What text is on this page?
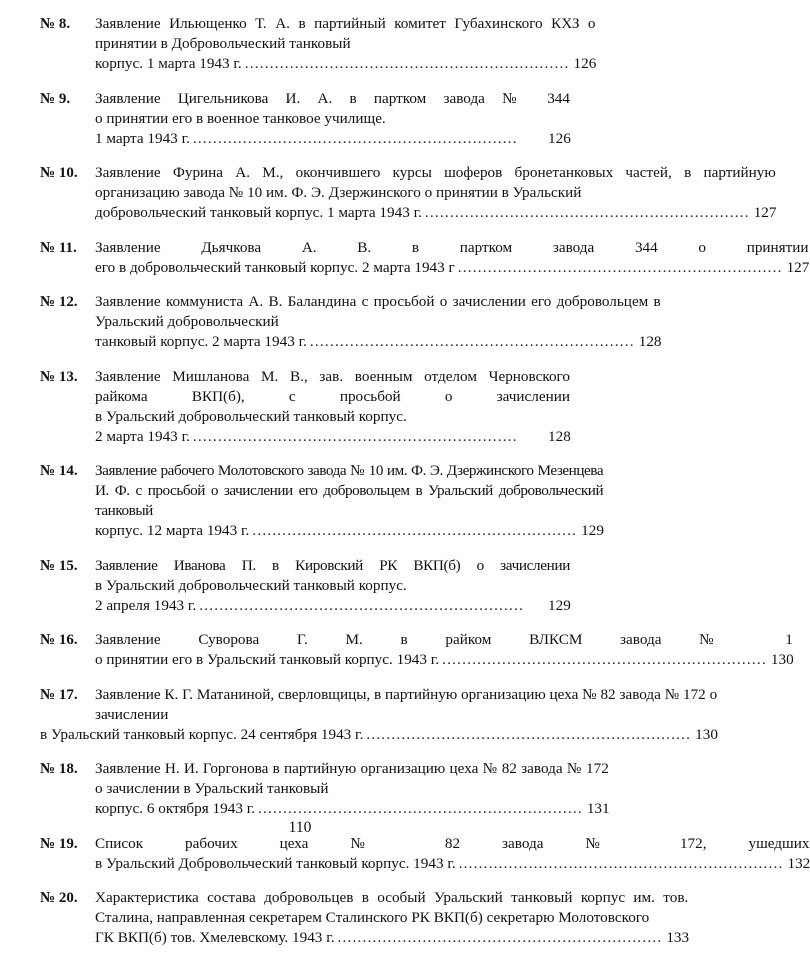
№ 8.	Заявление Ильющенко Т. А. в партийный комитет Губахинского КХЗ о принятии в Добровольческий танковый
корпус. 1 марта 1943 г. ................................................................. 126
№ 9.	Заявление Цигельникова И. А. в партком завода № 344
о принятии его в военное танковое училище.
1 марта 1943 г. .................................................................	126
№ 10.	Заявление Фурина А. М., окончившего курсы шоферов бронетанковых частей, в партийную организацию завода № 10 им. Ф. Э. Дзержинского о принятии в Уральский
добровольческий танковый корпус. 1 марта 1943 г. ................................................................. 127
№ 11.	Заявление Дьячкова А. В. в партком завода 344 о принятии
его в добровольческий танковый корпус. 2 марта 1943 г ................................................................. 127
№ 12.	Заявление коммуниста А. В. Баландина с просьбой о зачислении его добровольцем в Уральский добровольческий
танковый корпус. 2 марта 1943 г. ................................................................. 128
№ 13.	Заявление Мишланова М. В., зав. военным отделом Черновского райкома ВКП(б), с просьбой о зачислении
в Уральский добровольческий танковый корпус.
2 марта 1943 г. .................................................................	128
№ 14.	Заявление рабочего Молотовского завода № 10 им. Ф. Э. Дзержинского Мезенцева И. Ф. с просьбой о зачислении его добровольцем в Уральский добровольческий танковый
корпус. 12 марта 1943 г. ................................................................. 129
№ 15.	Заявление Иванова П. в Кировский РК ВКП(б) о зачислении
в Уральский добровольческий танковый корпус.
2 апреля 1943 г. .................................................................	129
№ 16.	Заявление Суворова Г. М. в райком ВЛКСМ завода № 1
о принятии его в Уральский танковый корпус. 1943 г. ................................................................. 130
№ 17.	Заявление К. Г. Матаниной, сверловщицы, в партийную организацию цеха № 82 завода № 172 о зачислении
в Уральский танковый корпус. 24 сентября 1943 г. ................................................................. 130
№ 18.	Заявление Н. И. Горгонова в партийную организацию цеха № 82 завода № 172 о зачислении в Уральский танковый
корпус. 6 октября 1943 г. ................................................................. 131
№ 19.	Список рабочих цеха № 82 завода № 172, ушедших
в Уральский Добровольческий танковый корпус. 1943 г. ................................................................. 132
№ 20.	Характеристика состава добровольцев в особый Уральский танковый корпус им. тов. Сталина, направленная секретарем Сталинского РК ВКП(б) секретарю Молотовского
ГК ВКП(б) тов. Хмелевскому. 1943 г. ................................................................. 133
110
